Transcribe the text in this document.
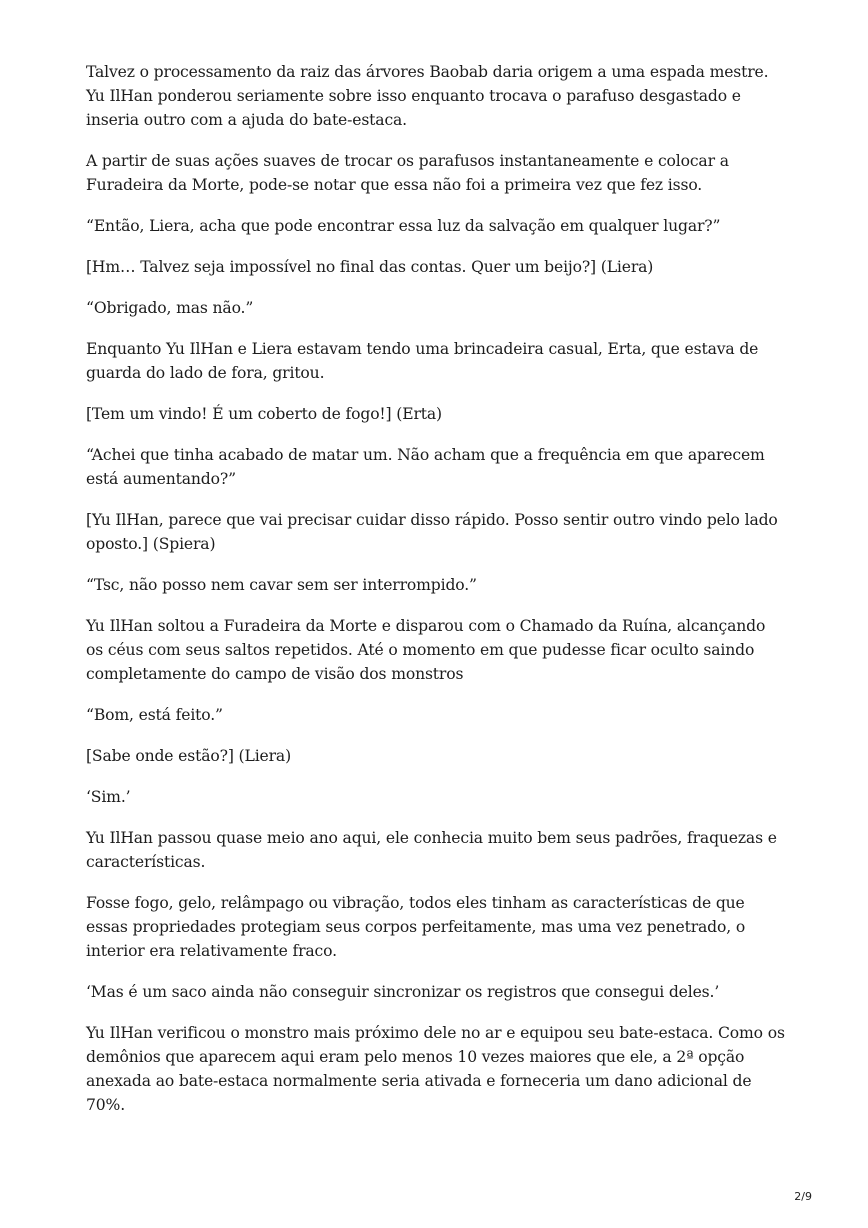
Talvez o processamento da raiz das árvores Baobab daria origem a uma espada mestre. Yu IlHan ponderou seriamente sobre isso enquanto trocava o parafuso desgastado e inseria outro com a ajuda do bate-estaca.

A partir de suas ações suaves de trocar os parafusos instantaneamente e colocar a Furadeira da Morte, pode-se notar que essa não foi a primeira vez que fez isso.

“Então, Liera, acha que pode encontrar essa luz da salvação em qualquer lugar?”

[Hm… Talvez seja impossível no final das contas. Quer um beijo?] (Liera)

“Obrigado, mas não.”

Enquanto Yu IlHan e Liera estavam tendo uma brincadeira casual, Erta, que estava de guarda do lado de fora, gritou.

[Tem um vindo! É um coberto de fogo!] (Erta)

“Achei que tinha acabado de matar um. Não acham que a frequência em que aparecem está aumentando?”

[Yu IlHan, parece que vai precisar cuidar disso rápido. Posso sentir outro vindo pelo lado oposto.] (Spiera)

“Tsc, não posso nem cavar sem ser interrompido.”

Yu IlHan soltou a Furadeira da Morte e disparou com o Chamado da Ruína, alcançando os céus com seus saltos repetidos. Até o momento em que pudesse ficar oculto saindo completamente do campo de visão dos monstros

“Bom, está feito.”

[Sabe onde estão?] (Liera)

‘Sim.’

Yu IlHan passou quase meio ano aqui, ele conhecia muito bem seus padrões, fraquezas e características.

Fosse fogo, gelo, relâmpago ou vibração, todos eles tinham as características de que essas propriedades protegiam seus corpos perfeitamente, mas uma vez penetrado, o interior era relativamente fraco.

‘Mas é um saco ainda não conseguir sincronizar os registros que consegui deles.’

Yu IlHan verificou o monstro mais próximo dele no ar e equipou seu bate-estaca. Como os demônios que aparecem aqui eram pelo menos 10 vezes maiores que ele, a 2ª opção anexada ao bate-estaca normalmente seria ativada e forneceria um dano adicional de 70%.

2/9
